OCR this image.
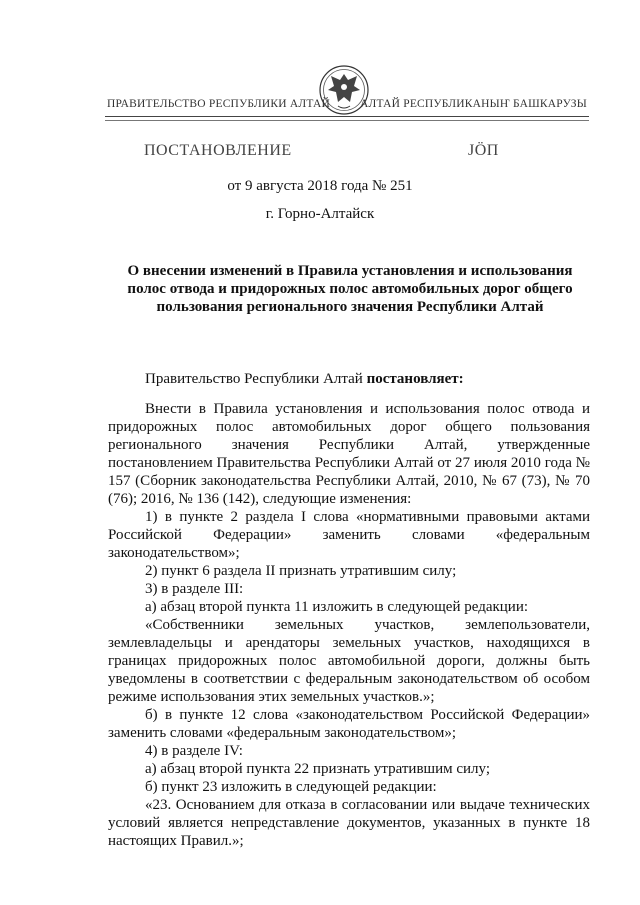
ПРАВИТЕЛЬСТВО РЕСПУБЛИКИ АЛТАЙ	АЛТАЙ РЕСПУБЛИКАНЫҤ БАШКАРУЗЫ
ПОСТАНОВЛЕНИЕ	JÖП
от 9 августа 2018 года № 251
г. Горно-Алтайск
О внесении изменений в Правила установления и использования полос отвода и придорожных полос автомобильных дорог общего пользования регионального значения Республики Алтай

Правительство Республики Алтай постановляет:

Внести в Правила установления и использования полос отвода и придорожных полос автомобильных дорог общего пользования регионального значения Республики Алтай, утвержденные постановлением Правительства Республики Алтай от 27 июля 2010 года № 157 (Сборник законодательства Республики Алтай, 2010, № 67 (73), № 70 (76); 2016, № 136 (142), следующие изменения:

1) в пункте 2 раздела I слова «нормативными правовыми актами Российской Федерации» заменить словами «федеральным законодательством»;

2) пункт 6 раздела II признать утратившим силу;

3) в разделе III:

а) абзац второй пункта 11 изложить в следующей редакции:

«Собственники земельных участков, землепользователи, землевладельцы и арендаторы земельных участков, находящихся в границах придорожных полос автомобильной дороги, должны быть уведомлены в соответствии с федеральным законодательством об особом режиме использования этих земельных участков.»;

б) в пункте 12 слова «законодательством Российской Федерации» заменить словами «федеральным законодательством»;

4) в разделе IV:

а) абзац второй пункта 22 признать утратившим силу;

б) пункт 23 изложить в следующей редакции:

«23. Основанием для отказа в согласовании или выдаче технических условий является непредставление документов, указанных в пункте 18 настоящих Правил.»;
